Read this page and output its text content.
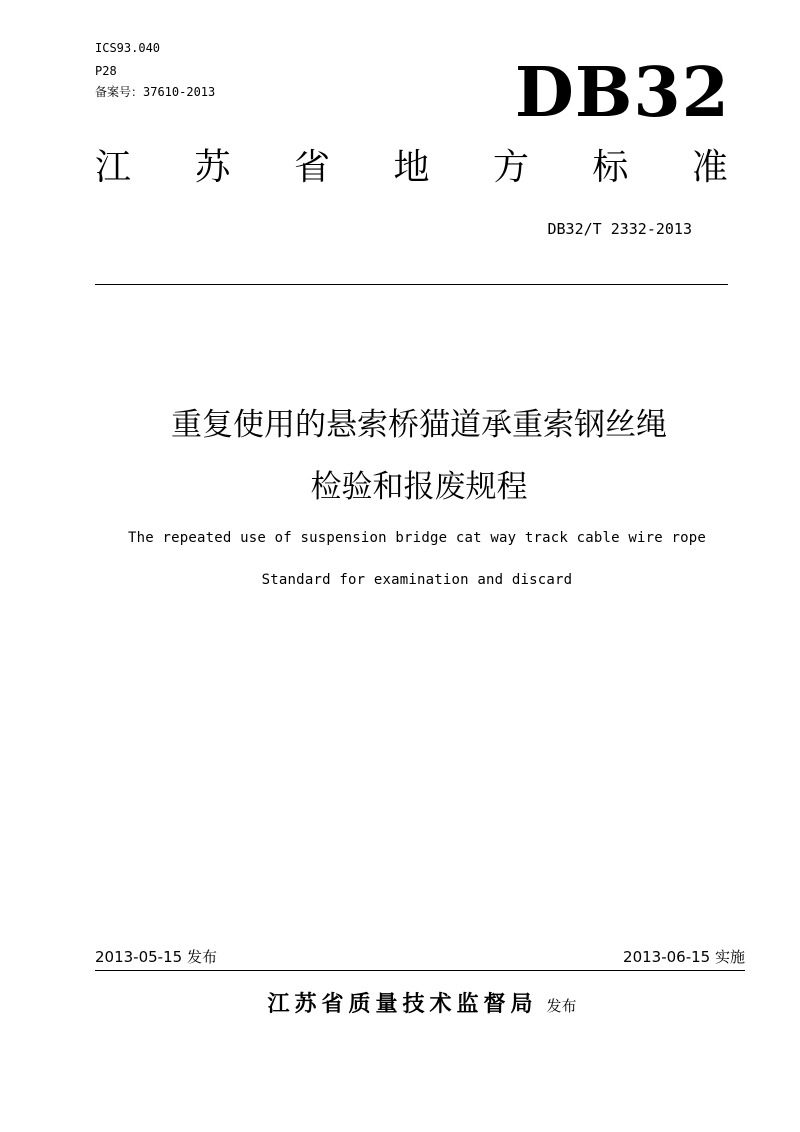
ICS93.040
P28
备案号：37610-2013	DB32
江 苏 省 地 方 标 准
DB32/T 2332-2013
重复使用的悬索桥猫道承重索钢丝绳
检验和报废规程
The repeated use of suspension bridge cat way track cable wire rope
Standard for examination and discard
2013-05-15 发布	2013-06-15 实施
江苏省质量技术监督局 发布
